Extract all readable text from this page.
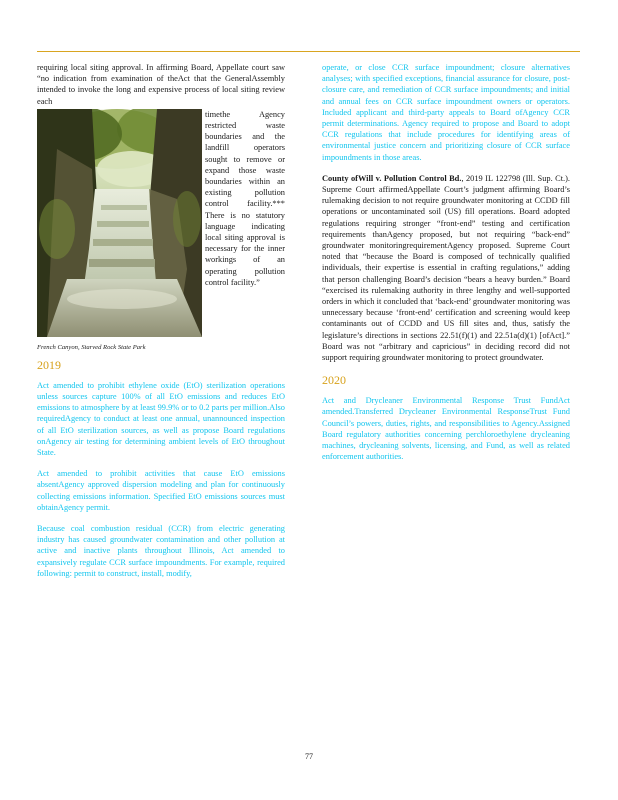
requiring local siting approval. In affirming Board, Appellate court saw “no indication from examination of theAct that the GeneralAssembly intended to invoke the long and expensive process of local siting review each

timethe Agency restricted waste boundaries and the landfill operators sought to remove or expand those waste boundaries within an existing pollution control facility.*** There is no statutory language indicating local siting approval is necessary for the inner workings of an operating pollution control facility.”
French Canyon, Starved Rock State Park
2019

Act amended to prohibit ethylene oxide (EtO) sterilization operations unless sources capture 100% of all EtO emissions and reduces EtO emissions to atmosphere by at least 99.9% or to 0.2 parts per million.Also requiredAgency to conduct at least one annual, unannounced inspection of all EtO sterilization sources, as well as propose Board regulations onAgency air testing for determining ambient levels of EtO throughout State.

Act amended to prohibit activities that cause EtO emissions absentAgency approved dispersion modeling and plan for continuously collecting emissions information. Specified EtO emissions sources must obtainAgency permit.

Because coal combustion residual (CCR) from electric generating industry has caused groundwater contamination and other pollution at active and inactive plants throughout Illinois, Act amended to expansively regulate CCR surface impoundments. For example, required following: permit to construct, install, modify,

operate, or close CCR surface impoundment; closure alternatives analyses; with specified exceptions, financial assurance for closure, post-closure care, and remediation of CCR surface impoundments; and initial and annual fees on CCR surface impoundment owners or operators. Included applicant and third-party appeals to Board ofAgency CCR permit determinations. Agency required to propose and Board to adopt CCR regulations that include procedures for identifying areas of environmental justice concern and prioritizing closure of CCR surface impoundments in those areas.

County ofWill v. Pollution Control Bd., 2019 IL 122798 (Ill. Sup. Ct.). Supreme Court affirmedAppellate Court’s judgment affirming Board’s rulemaking decision to not require groundwater monitoring at CCDD fill operations or uncontaminated soil (US) fill operations. Board adopted regulations requiring stronger “front-end” testing and certification requirements thanAgency proposed, but not requiring “back-end” groundwater monitoringrequirementAgency proposed. Supreme Court noted that “because the Board is composed of technically qualified individuals, their expertise is essential in crafting regulations,” adding that person challenging Board’s decision “bears a heavy burden.” Board “exercised its rulemaking authority in three lengthy and well-supported orders in which it concluded that ‘back-end’ groundwater monitoring was unnecessary because ‘front-end’ certification and screening would keep contaminants out of CCDD and US fill sites and, thus, satisfy the legislature’s directions in sections 22.51(f)(1) and 22.51a(d)(1) [ofAct].” Board was not “arbitrary and capricious” in deciding record did not support requiring groundwater monitoring to protect groundwater.

2020

Act and Drycleaner Environmental Response Trust FundAct amended.Transferred Drycleaner Environmental ResponseTrust Fund Council’s powers, duties, rights, and responsibilities to Agency.Assigned Board regulatory authorities concerning perchloroethylene drycleaning machines, drycleaning solvents, licensing, and Fund, as well as related enforcement authorities.

77
